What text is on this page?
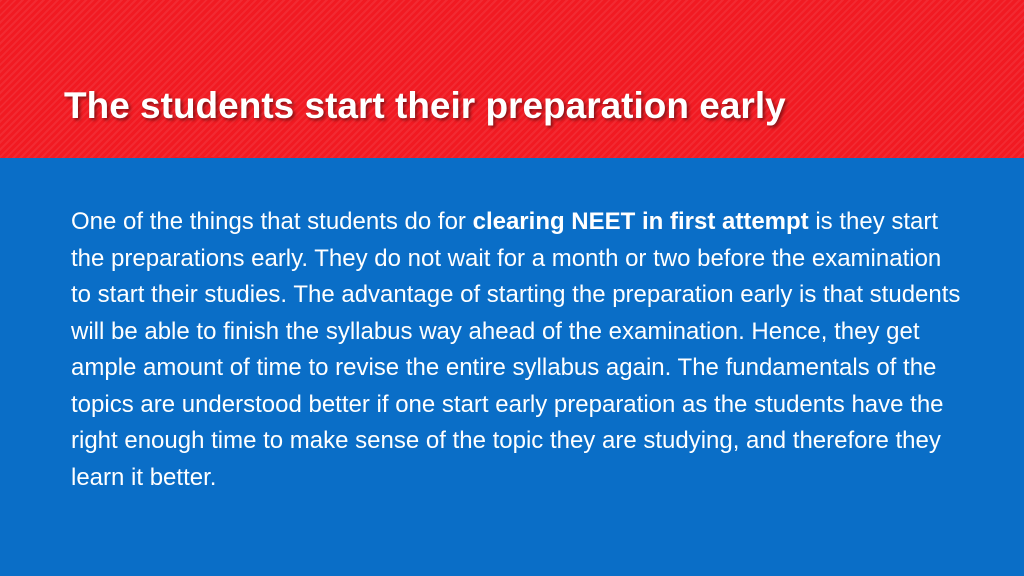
The students start their preparation early

One of the things that students do for clearing NEET in first attempt is they start the preparations early. They do not wait for a month or two before the examination to start their studies. The advantage of starting the preparation early is that students will be able to finish the syllabus way ahead of the examination. Hence, they get ample amount of time to revise the entire syllabus again. The fundamentals of the topics are understood better if one start early preparation as the students have the right enough time to make sense of the topic they are studying, and therefore they learn it better.
